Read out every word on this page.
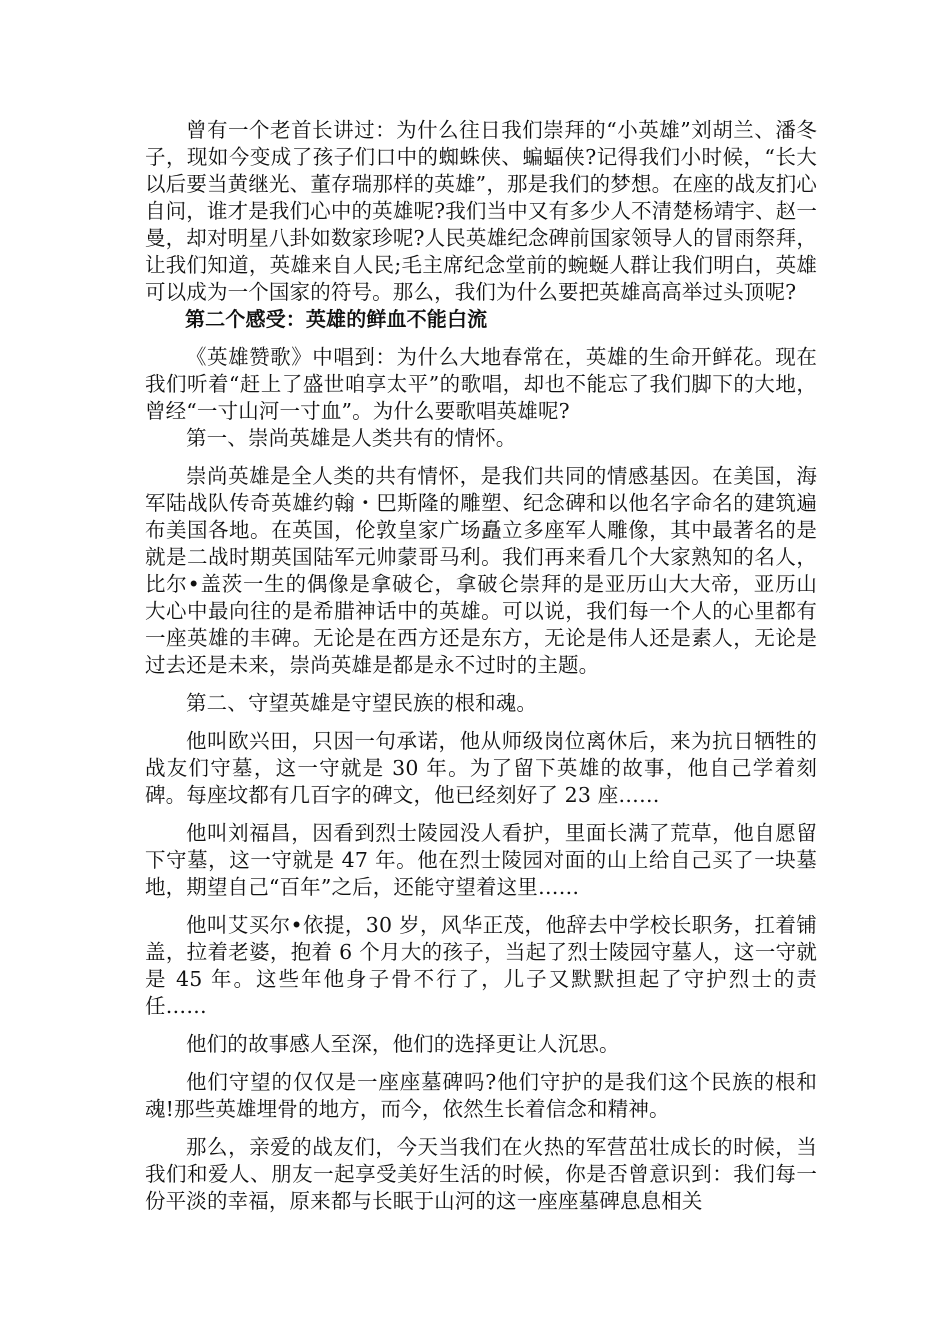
曾有一个老首长讲过：为什么往日我们崇拜的“小英雄”刘胡兰、潘冬子，现如今变成了孩子们口中的蜘蛛侠、蝙蝠侠?记得我们小时候，“长大以后要当黄继光、董存瑞那样的英雄”，那是我们的梦想。在座的战友扪心自问，谁才是我们心中的英雄呢?我们当中又有多少人不清楚杨靖宇、赵一曼，却对明星八卦如数家珍呢?人民英雄纪念碑前国家领导人的冒雨祭拜，让我们知道，英雄来自人民;毛主席纪念堂前的蜿蜒人群让我们明白，英雄可以成为一个国家的符号。那么，我们为什么要把英雄高高举过头顶呢?

第二个感受：英雄的鲜血不能白流

《英雄赞歌》中唱到：为什么大地春常在，英雄的生命开鲜花。现在我们听着“赶上了盛世咱享太平”的歌唱，却也不能忘了我们脚下的大地，曾经“一寸山河一寸血”。为什么要歌唱英雄呢?

第一、崇尚英雄是人类共有的情怀。

崇尚英雄是全人类的共有情怀，是我们共同的情感基因。在美国，海军陆战队传奇英雄约翰・巴斯隆的雕塑、纪念碑和以他名字命名的建筑遍布美国各地。在英国，伦敦皇家广场矗立多座军人雕像，其中最著名的是就是二战时期英国陆军元帅蒙哥马利。我们再来看几个大家熟知的名人，比尔•盖茨一生的偶像是拿破仑，拿破仑崇拜的是亚历山大大帝，亚历山大心中最向往的是希腊神话中的英雄。可以说，我们每一个人的心里都有一座英雄的丰碑。无论是在西方还是东方，无论是伟人还是素人，无论是过去还是未来，崇尚英雄是都是永不过时的主题。

第二、守望英雄是守望民族的根和魂。

他叫欧兴田，只因一句承诺，他从师级岗位离休后，来为抗日牺牲的战友们守墓，这一守就是 30 年。为了留下英雄的故事，他自己学着刻碑。每座坟都有几百字的碑文，他已经刻好了 23 座……

他叫刘福昌，因看到烈士陵园没人看护，里面长满了荒草，他自愿留下守墓，这一守就是 47 年。他在烈士陵园对面的山上给自己买了一块墓地，期望自己“百年”之后，还能守望着这里……

他叫艾买尔•依提，30 岁，风华正茂，他辞去中学校长职务，扛着铺盖，拉着老婆，抱着 6 个月大的孩子，当起了烈士陵园守墓人，这一守就是 45 年。这些年他身子骨不行了，儿子又默默担起了守护烈士的责任……

他们的故事感人至深，他们的选择更让人沉思。

他们守望的仅仅是一座座墓碑吗?他们守护的是我们这个民族的根和魂!那些英雄埋骨的地方，而今，依然生长着信念和精神。

那么，亲爱的战友们，今天当我们在火热的军营茁壮成长的时候，当我们和爱人、朋友一起享受美好生活的时候，你是否曾意识到：我们每一份平淡的幸福，原来都与长眠于山河的这一座座墓碑息息相关
